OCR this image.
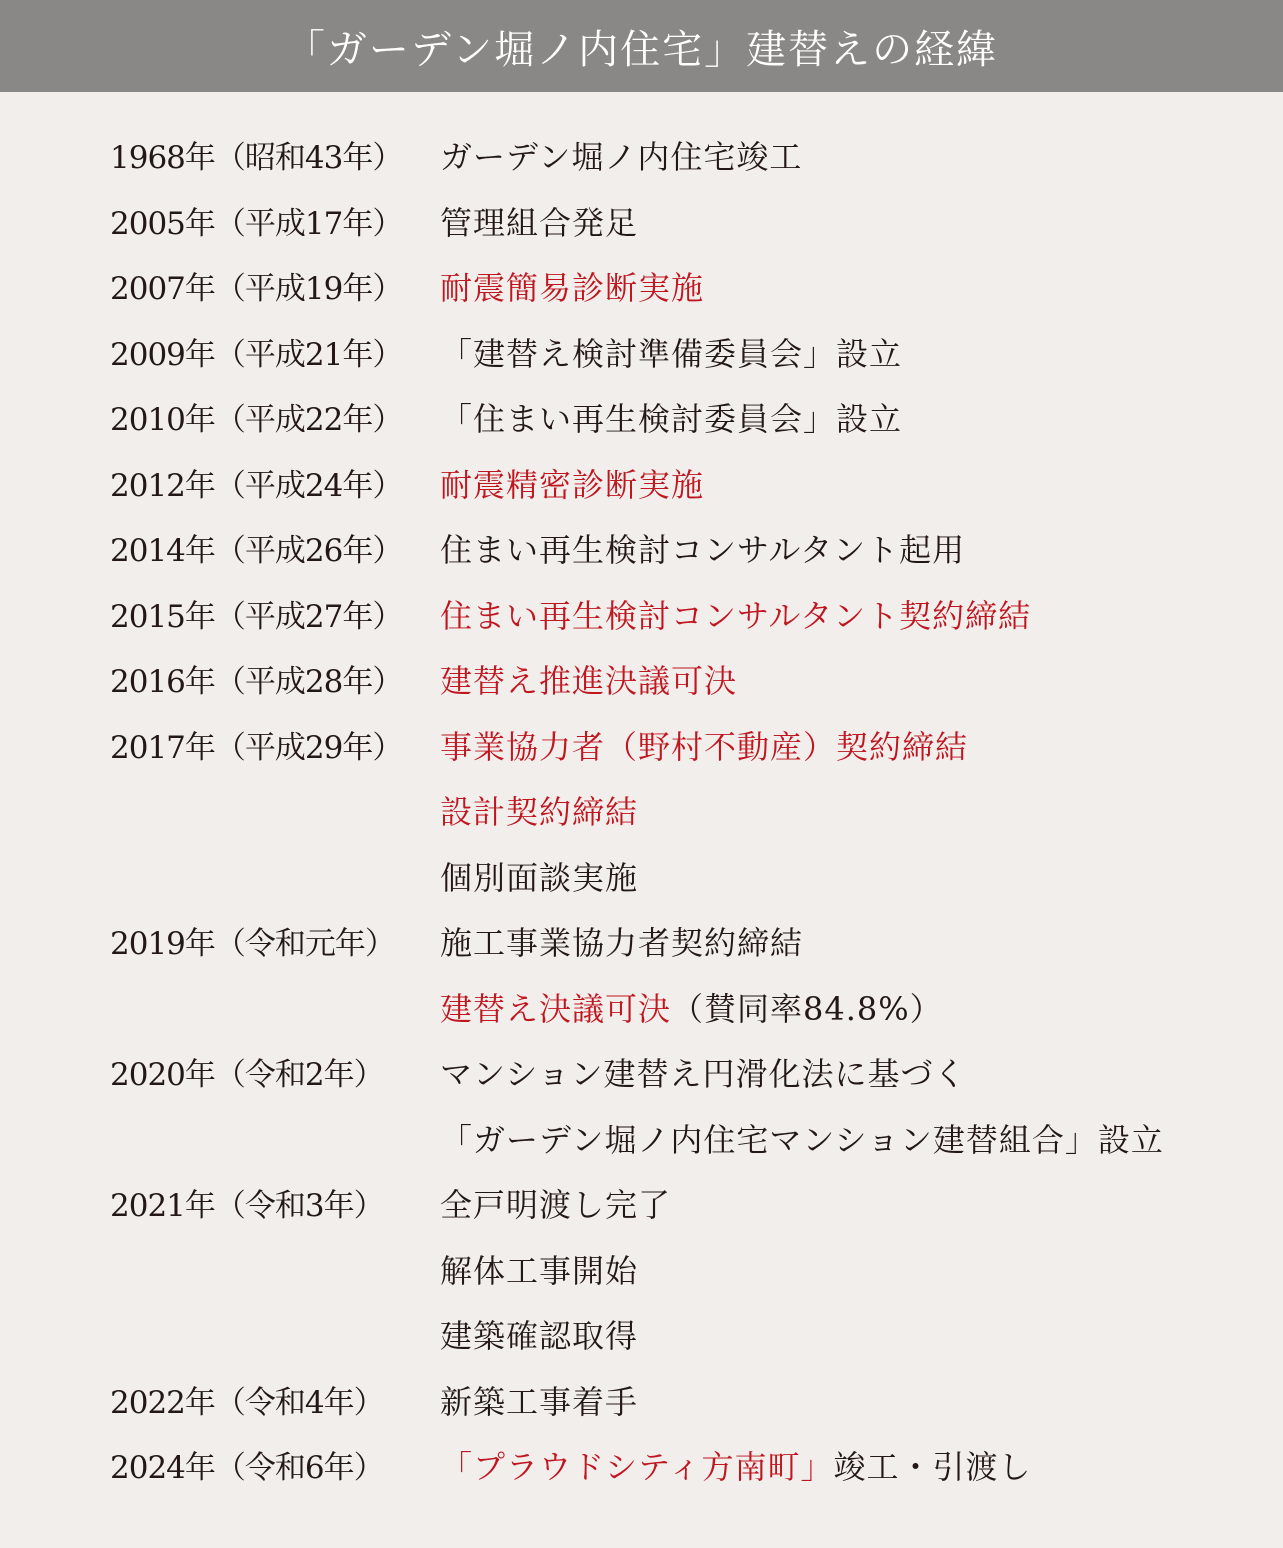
「ガーデン堀ノ内住宅」建替えの経緯
1968年（昭和43年） ガーデン堀ノ内住宅竣工
2005年（平成17年） 管理組合発足
2007年（平成19年） 耐震簡易診断実施
2009年（平成21年） 「建替え検討準備委員会」設立
2010年（平成22年） 「住まい再生検討委員会」設立
2012年（平成24年） 耐震精密診断実施
2014年（平成26年） 住まい再生検討コンサルタント起用
2015年（平成27年） 住まい再生検討コンサルタント契約締結
2016年（平成28年） 建替え推進決議可決
2017年（平成29年） 事業協力者（野村不動産）契約締結
設計契約締結
個別面談実施
2019年（令和元年） 施工事業協力者契約締結
建替え決議可決（賛同率84.8%）
2020年（令和2年） マンション建替え円滑化法に基づく
「ガーデン堀ノ内住宅マンション建替組合」設立
2021年（令和3年） 全戸明渡し完了
解体工事開始
建築確認取得
2022年（令和4年） 新築工事着手
2024年（令和6年） 「プラウドシティ方南町」竣工・引渡し
